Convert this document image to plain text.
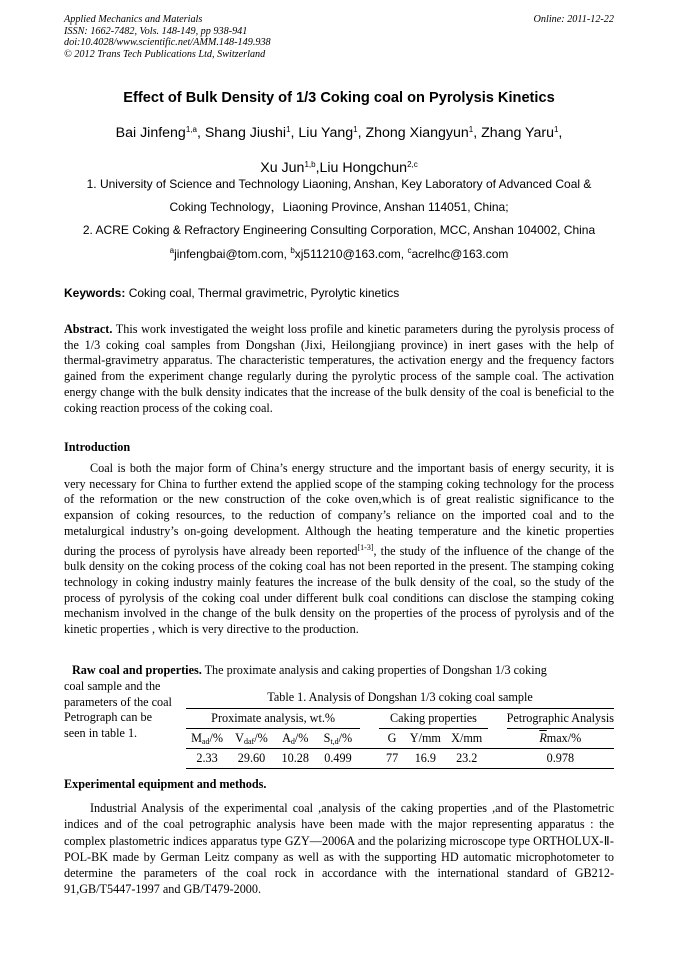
Applied Mechanics and Materials
ISSN: 1662-7482, Vols. 148-149, pp 938-941
doi:10.4028/www.scientific.net/AMM.148-149.938
© 2012 Trans Tech Publications Ltd, Switzerland
Online: 2011-12-22
Effect of Bulk Density of 1/3 Coking coal on Pyrolysis Kinetics
Bai Jinfeng$^{1,a}$, Shang Jiushi$^1$, Liu Yang$^1$, Zhong Xiangyun$^1$, Zhang Yaru$^1$,
Xu Jun$^{1,b}$,Liu Hongchun$^{2,c}$
1. University of Science and Technology Liaoning, Anshan, Key Laboratory of Advanced Coal &
Coking Technology，Liaoning Province, Anshan 114051, China;
2. ACRE Coking & Refractory Engineering Consulting Corporation, MCC, Anshan 104002, China
$^a$jinfengbai@tom.com, $^b$xj511210@163.com, $^c$acrelhc@163.com
Keywords: Coking coal, Thermal gravimetric, Pyrolytic kinetics
Abstract. This work investigated the weight loss profile and kinetic parameters during the pyrolysis process of the 1/3 coking coal samples from Dongshan (Jixi, Heilongjiang province) in inert gases with the help of thermal-gravimetry apparatus. The characteristic temperatures, the activation energy and the frequency factors gained from the experiment change regularly during the pyrolytic process of the sample coal. The activation energy change with the bulk density indicates that the increase of the bulk density of the coal is beneficial to the coking reaction process of the coking coal.
Introduction
Coal is both the major form of China’s energy structure and the important basis of energy security, it is very necessary for China to further extend the applied scope of the stamping coking technology for the process of the reformation or the new construction of the coke oven,which is of great realistic significance to the expansion of coking resources, to the reduction of company’s reliance on the imported coal and to the metalurgical industry’s on-going development. Although the heating temperature and the kinetic properties during the process of pyrolysis have already been reported[1-3], the study of the influence of the change of the bulk density on the coking process of the coking coal has not been reported in the present. The stamping coking technology in coking industry mainly features the increase of the bulk density of the coal, so the study of the process of pyrolysis of the coking coal under different bulk coal conditions can disclose the stamping coking mechanism involved in the change of the bulk density on the properties of the process of pyrolysis and of the kinetic properties , which is very directive to the production.
Raw coal and properties. The proximate analysis and caking properties of Dongshan 1/3 coking
coal sample and the parameters of the coal Petrograph can be seen in table 1.
Table 1. Analysis of Dongshan 1/3 coking coal sample
Proximate analysis, wt.%					Caking properties				Petrographic Analysis
$M_{ad}/\%$	$V_{daf}/\%$	$A_d/\%$	$S_{t,d}/\%$		G	Y/mm	X/mm		$\overline{R}\max/\%$
2.33	29.60	10.28	0.499		77	16.9	23.2		0.978
Experimental equipment and methods.
Industrial Analysis of the experimental coal ,analysis of the caking properties ,and of the Plastometric indices and of the coal petrographic analysis have been made with the major representing apparatus : the complex plastometric indices apparatus type GZY—2006A and the polarizing microscope type ORTHOLUX-Ⅱ-POL-BK made by German Leitz company as well as with the supporting HD automatic microphotometer to determine the parameters of the coal rock in accordance with the international standard of GB212-91,GB/T5447-1997 and GB/T479-2000.
